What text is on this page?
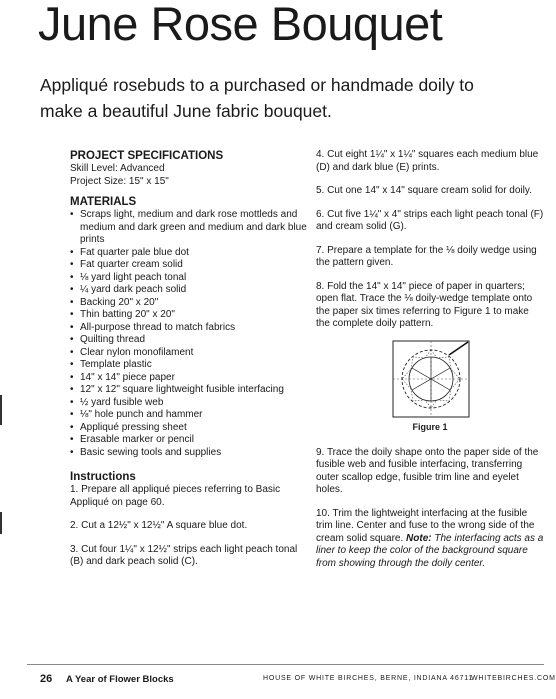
June Rose Bouquet
Appliqué rosebuds to a purchased or handmade doily to make a beautiful June fabric bouquet.
PROJECT SPECIFICATIONS
Skill Level: Advanced
Project Size: 15" x 15"
MATERIALS
• Scraps light, medium and dark rose mottleds and medium and dark green and medium and dark blue prints
• Fat quarter pale blue dot
• Fat quarter cream solid
• ⅛ yard light peach tonal
• ¼ yard dark peach solid
• Backing 20" x 20"
• Thin batting 20" x 20"
• All-purpose thread to match fabrics
• Quilting thread
• Clear nylon monofilament
• Template plastic
• 14" x 14" piece paper
• 12" x 12" square lightweight fusible interfacing
• ½ yard fusible web
• ⅛" hole punch and hammer
• Appliqué pressing sheet
• Erasable marker or pencil
• Basic sewing tools and supplies
Instructions

1. Prepare all appliqué pieces referring to Basic Appliqué on page 60.

2. Cut a 12½" x 12½" A square blue dot.

3. Cut four 1¼" x 12½" strips each light peach tonal (B) and dark peach solid (C).

4. Cut eight 1¼" x 1¼" squares each medium blue (D) and dark blue (E) prints.

5. Cut one 14" x 14" square cream solid for doily.

6. Cut five 1¼" x 4" strips each light peach tonal (F) and cream solid (G).

7. Prepare a template for the ⅛ doily wedge using the pattern given.

8. Fold the 14" x 14" piece of paper in quarters; open flat. Trace the ⅛ doily-wedge template onto the paper six times referring to Figure 1 to make the complete doily pattern.

Figure 1

9. Trace the doily shape onto the paper side of the fusible web and fusible interfacing, transferring outer scallop edge, fusible trim line and eyelet holes.

10. Trim the lightweight interfacing at the fusible trim line. Center and fuse to the wrong side of the cream solid square. Note: The interfacing acts as a liner to keep the color of the background square from showing through the doily center.

26 A Year of Flower Blocks	HOUSE OF WHITE BIRCHES, BERNE, INDIANA 46711
WHITEBIRCHES.COM
